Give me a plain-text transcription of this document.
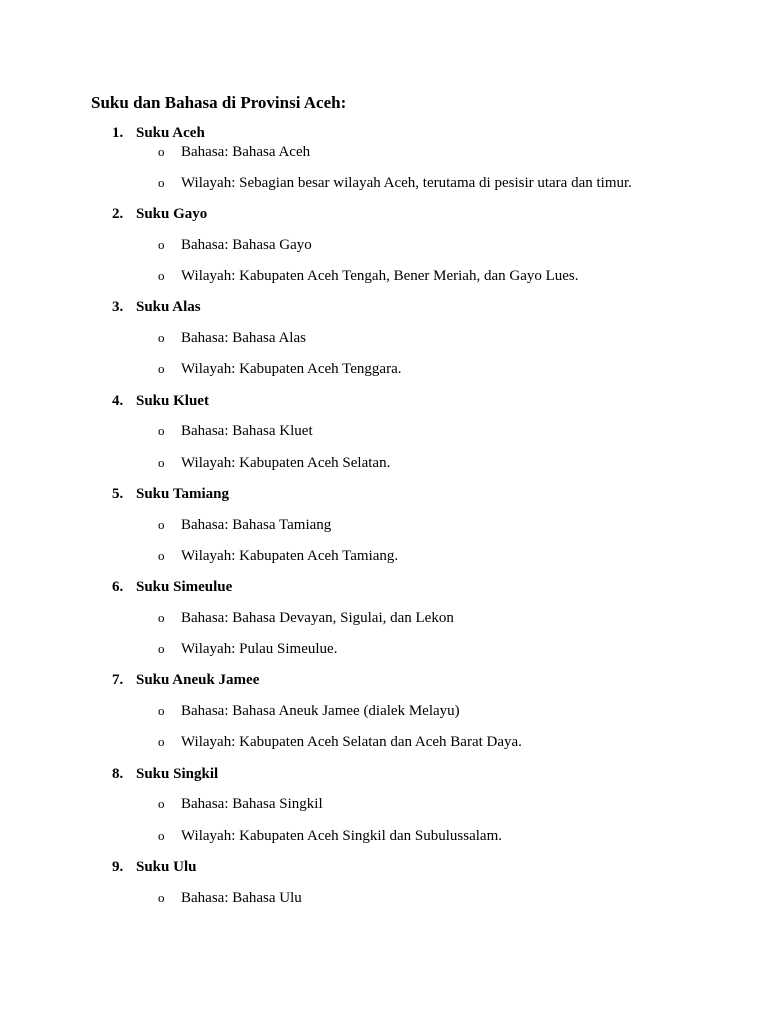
Suku dan Bahasa di Provinsi Aceh:
1. Suku Aceh
o Bahasa: Bahasa Aceh
o Wilayah: Sebagian besar wilayah Aceh, terutama di pesisir utara dan timur.
2. Suku Gayo
o Bahasa: Bahasa Gayo
o Wilayah: Kabupaten Aceh Tengah, Bener Meriah, dan Gayo Lues.
3. Suku Alas
o Bahasa: Bahasa Alas
o Wilayah: Kabupaten Aceh Tenggara.
4. Suku Kluet
o Bahasa: Bahasa Kluet
o Wilayah: Kabupaten Aceh Selatan.
5. Suku Tamiang
o Bahasa: Bahasa Tamiang
o Wilayah: Kabupaten Aceh Tamiang.
6. Suku Simeulue
o Bahasa: Bahasa Devayan, Sigulai, dan Lekon
o Wilayah: Pulau Simeulue.
7. Suku Aneuk Jamee
o Bahasa: Bahasa Aneuk Jamee (dialek Melayu)
o Wilayah: Kabupaten Aceh Selatan dan Aceh Barat Daya.
8. Suku Singkil
o Bahasa: Bahasa Singkil
o Wilayah: Kabupaten Aceh Singkil dan Subulussalam.
9. Suku Ulu
o Bahasa: Bahasa Ulu
